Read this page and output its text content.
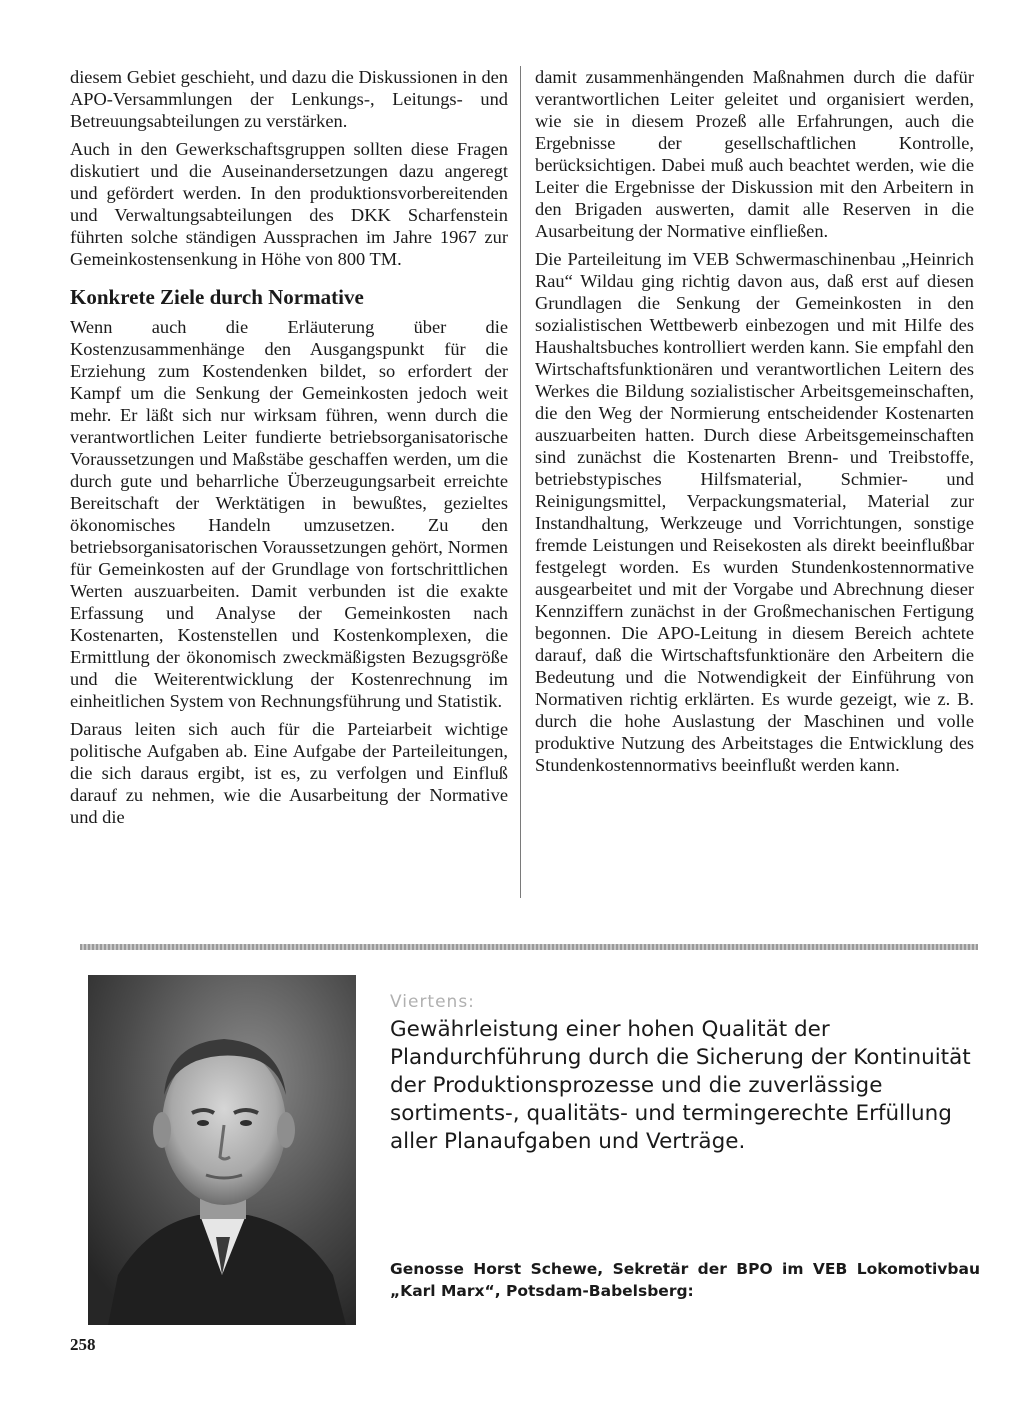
diesem Gebiet geschieht, und dazu die Diskussionen in den APO-Versammlungen der Lenkungs-, Leitungs- und Betreuungsabteilungen zu verstärken.

Auch in den Gewerkschaftsgruppen sollten diese Fragen diskutiert und die Auseinandersetzungen dazu angeregt und gefördert werden. In den produktionsvorbereitenden und Verwaltungsabteilungen des DKK Scharfenstein führten solche ständigen Aussprachen im Jahre 1967 zur Gemeinkostensenkung in Höhe von 800 TM.

Konkrete Ziele durch Normative

Wenn auch die Erläuterung über die Kostenzusammenhänge den Ausgangspunkt für die Erziehung zum Kostendenken bildet, so erfordert der Kampf um die Senkung der Gemeinkosten jedoch weit mehr. Er läßt sich nur wirksam führen, wenn durch die verantwortlichen Leiter fundierte betriebsorganisatorische Voraussetzungen und Maßstäbe geschaffen werden, um die durch gute und beharrliche Überzeugungsarbeit erreichte Bereitschaft der Werktätigen in bewußtes, gezieltes ökonomisches Handeln umzusetzen. Zu den betriebsorganisatorischen Voraussetzungen gehört, Normen für Gemeinkosten auf der Grundlage von fortschrittlichen Werten auszuarbeiten. Damit verbunden ist die exakte Erfassung und Analyse der Gemeinkosten nach Kostenarten, Kostenstellen und Kostenkomplexen, die Ermittlung der ökonomisch zweckmäßigsten Bezugsgröße und die Weiterentwicklung der Kostenrechnung im einheitlichen System von Rechnungsführung und Statistik.

Daraus leiten sich auch für die Parteiarbeit wichtige politische Aufgaben ab. Eine Aufgabe der Parteileitungen, die sich daraus ergibt, ist es, zu verfolgen und Einfluß darauf zu nehmen, wie die Ausarbeitung der Normative und die

damit zusammenhängenden Maßnahmen durch die dafür verantwortlichen Leiter geleitet und organisiert werden, wie sie in diesem Prozeß alle Erfahrungen, auch die Ergebnisse der gesellschaftlichen Kontrolle, berücksichtigen. Dabei muß auch beachtet werden, wie die Leiter die Ergebnisse der Diskussion mit den Arbeitern in den Brigaden auswerten, damit alle Reserven in die Ausarbeitung der Normative einfließen.

Die Parteileitung im VEB Schwermaschinenbau „Heinrich Rau“ Wildau ging richtig davon aus, daß erst auf diesen Grundlagen die Senkung der Gemeinkosten in den sozialistischen Wettbewerb einbezogen und mit Hilfe des Haushaltsbuches kontrolliert werden kann. Sie empfahl den Wirtschaftsfunktionären und verantwortlichen Leitern des Werkes die Bildung sozialistischer Arbeitsgemeinschaften, die den Weg der Normierung entscheidender Kostenarten auszuarbeiten hatten. Durch diese Arbeitsgemeinschaften sind zunächst die Kostenarten Brenn- und Treibstoffe, betriebstypisches Hilfsmaterial, Schmier- und Reinigungsmittel, Verpackungsmaterial, Material zur Instandhaltung, Werkzeuge und Vorrichtungen, sonstige fremde Leistungen und Reisekosten als direkt beeinflußbar festgelegt worden. Es wurden Stundenkostennormative ausgearbeitet und mit der Vorgabe und Abrechnung dieser Kennziffern zunächst in der Großmechanischen Fertigung begonnen. Die APO-Leitung in diesem Bereich achtete darauf, daß die Wirtschaftsfunktionäre den Arbeitern die Bedeutung und die Notwendigkeit der Einführung von Normativen richtig erklärten. Es wurde gezeigt, wie z. B. durch die hohe Auslastung der Maschinen und volle produktive Nutzung des Arbeitstages die Entwicklung des Stundenkostennormativs beeinflußt werden kann.

Viertens:

Gewährleistung einer hohen Qualität der Plandurchführung durch die Sicherung der Kontinuität der Produktionsprozesse und die zuverlässige sortiments-, qualitäts- und termingerechte Erfüllung aller Planaufgaben und Verträge.

Genosse Horst Schewe, Sekretär der BPO im VEB Lokomotivbau „Karl Marx“, Potsdam-Babelsberg:

258
